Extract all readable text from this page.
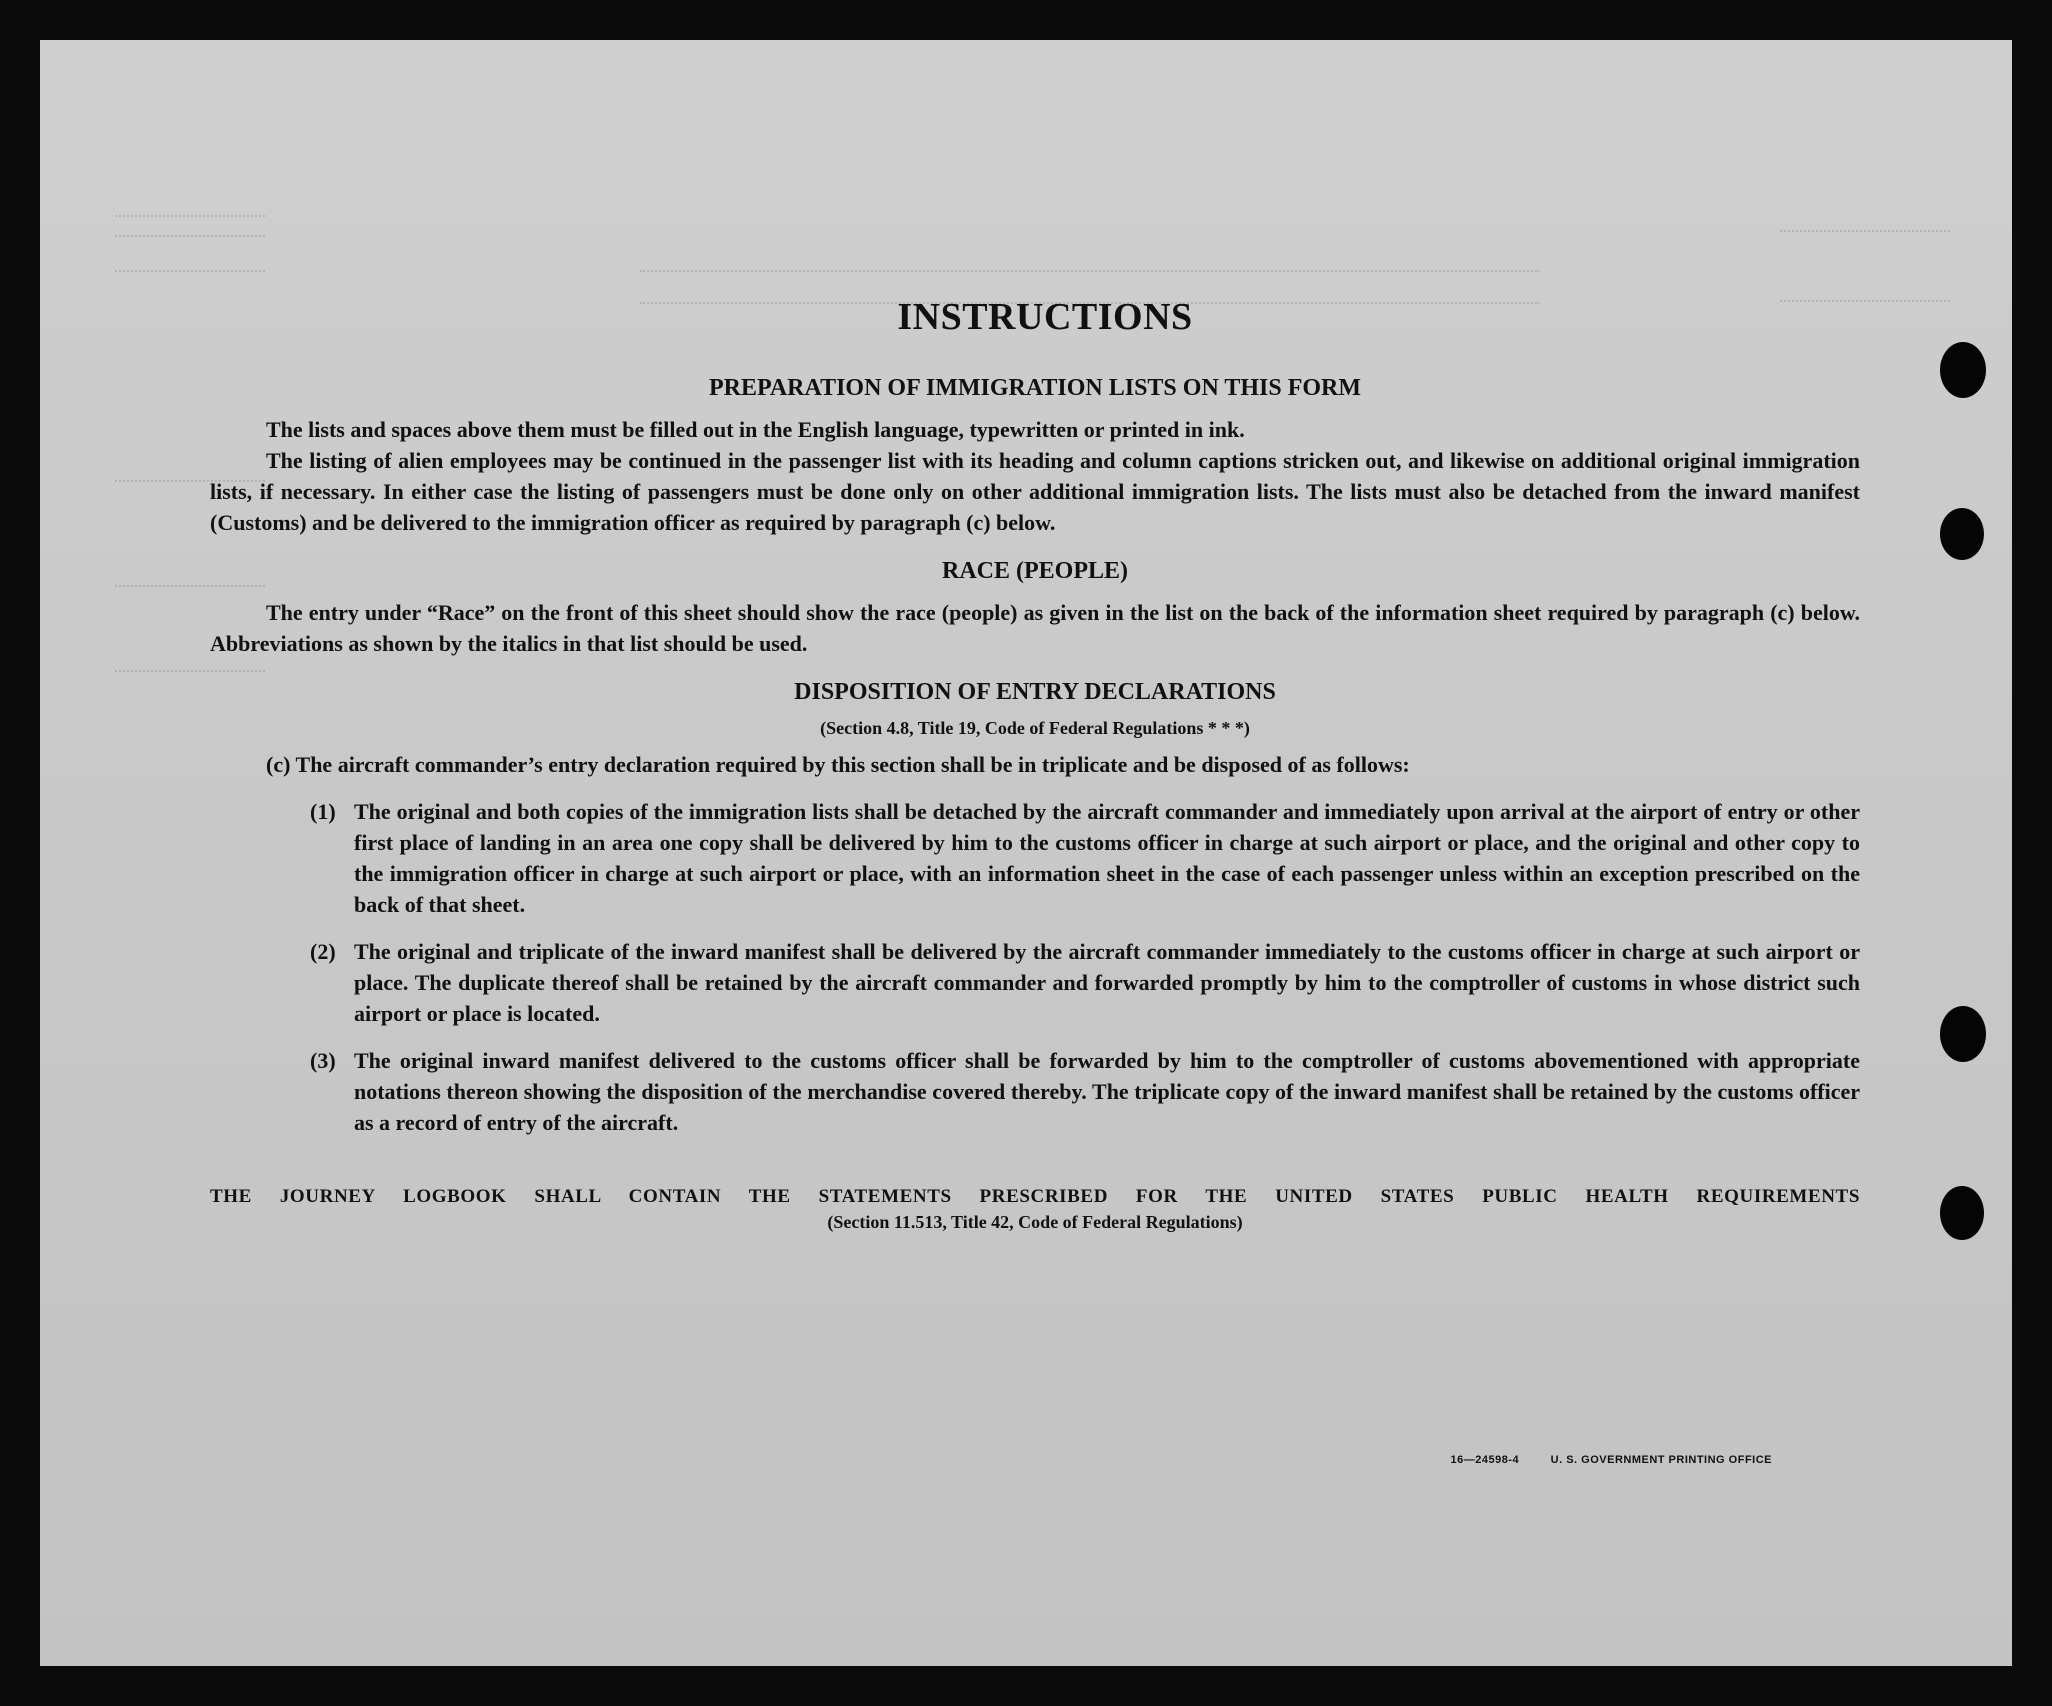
INSTRUCTIONS
PREPARATION OF IMMIGRATION LISTS ON THIS FORM

The lists and spaces above them must be filled out in the English language, typewritten or printed in ink.

The listing of alien employees may be continued in the passenger list with its heading and column captions stricken out, and likewise on additional original immigration lists, if necessary. In either case the listing of passengers must be done only on other additional immigration lists. The lists must also be detached from the inward manifest (Customs) and be delivered to the immigration officer as required by paragraph (c) below.

RACE (PEOPLE)

The entry under “Race” on the front of this sheet should show the race (people) as given in the list on the back of the information sheet required by paragraph (c) below. Abbreviations as shown by the italics in that list should be used.

DISPOSITION OF ENTRY DECLARATIONS
(Section 4.8, Title 19, Code of Federal Regulations * * *)
(c) The aircraft commander’s entry declaration required by this section shall be in triplicate and be disposed of as follows:
(1) The original and both copies of the immigration lists shall be detached by the aircraft commander and immediately upon arrival at the airport of entry or other first place of landing in an area one copy shall be delivered by him to the customs officer in charge at such airport or place, and the original and other copy to the immigration officer in charge at such airport or place, with an information sheet in the case of each passenger unless within an exception prescribed on the back of that sheet.
(2) The original and triplicate of the inward manifest shall be delivered by the aircraft commander immediately to the customs officer in charge at such airport or place. The duplicate thereof shall be retained by the aircraft commander and forwarded promptly by him to the comptroller of customs in whose district such airport or place is located.
(3) The original inward manifest delivered to the customs officer shall be forwarded by him to the comptroller of customs abovementioned with appropriate notations thereon showing the disposition of the merchandise covered thereby. The triplicate copy of the inward manifest shall be retained by the customs officer as a record of entry of the aircraft.
THE JOURNEY LOGBOOK SHALL CONTAIN THE STATEMENTS PRESCRIBED FOR THE UNITED STATES PUBLIC HEALTH REQUIREMENTS
(Section 11.513, Title 42, Code of Federal Regulations)
16—24598-4	U. S. GOVERNMENT PRINTING OFFICE
